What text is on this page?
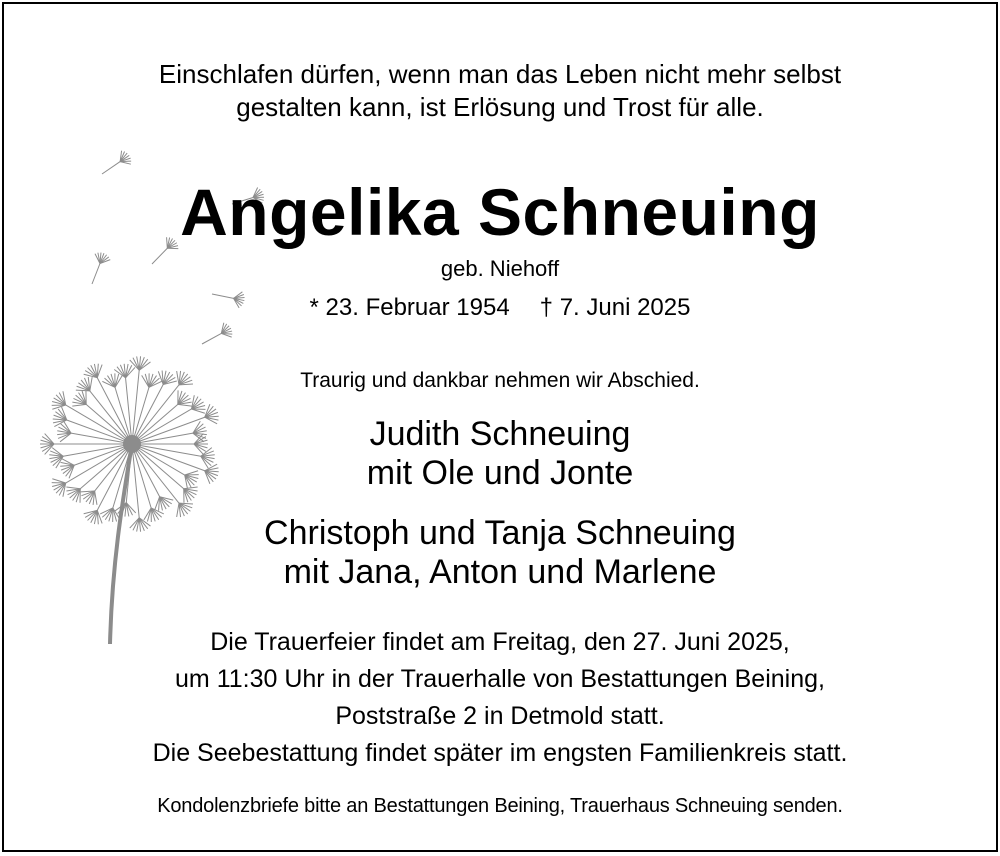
Einschlafen dürfen, wenn man das Leben nicht mehr selbst
gestalten kann, ist Erlösung und Trost für alle.
Angelika Schneuing
geb. Niehoff
* 23. Februar 1954 † 7. Juni 2025
Traurig und dankbar nehmen wir Abschied.
Judith Schneuing
mit Ole und Jonte
Christoph und Tanja Schneuing
mit Jana, Anton und Marlene
Die Trauerfeier findet am Freitag, den 27. Juni 2025,
um 11:30 Uhr in der Trauerhalle von Bestattungen Beining,
Poststraße 2 in Detmold statt.
Die Seebestattung findet später im engsten Familienkreis statt.
Kondolenzbriefe bitte an Bestattungen Beining, Trauerhaus Schneuing senden.
